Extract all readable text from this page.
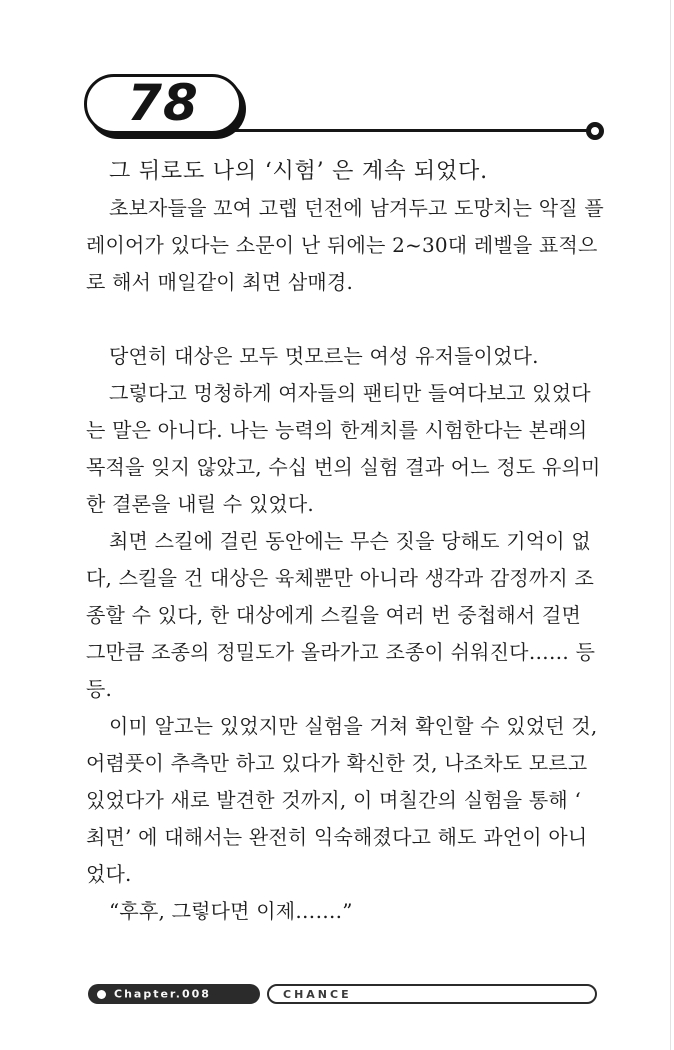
78
그 뒤로도 나의 ‘시험’ 은 계속 되었다.
초보자들을 꼬여 고렙 던전에 남겨두고 도망치는 악질 플
레이어가 있다는 소문이 난 뒤에는 2~30대 레벨을 표적으
로 해서 매일같이 최면 삼매경.
당연히 대상은 모두 멋모르는 여성 유저들이었다.
그렇다고 멍청하게 여자들의 팬티만 들여다보고 있었다
는 말은 아니다. 나는 능력의 한계치를 시험한다는 본래의
목적을 잊지 않았고, 수십 번의 실험 결과 어느 정도 유의미
한 결론을 내릴 수 있었다.
최면 스킬에 걸린 동안에는 무슨 짓을 당해도 기억이 없
다, 스킬을 건 대상은 육체뿐만 아니라 생각과 감정까지 조
종할 수 있다, 한 대상에게 스킬을 여러 번 중첩해서 걸면
그만큼 조종의 정밀도가 올라가고 조종이 쉬워진다…… 등
등.
이미 알고는 있었지만 실험을 거쳐 확인할 수 있었던 것,
어렴풋이 추측만 하고 있다가 확신한 것, 나조차도 모르고
있었다가 새로 발견한 것까지, 이 며칠간의 실험을 통해 ‘
최면’ 에 대해서는 완전히 익숙해졌다고 해도 과언이 아니
었다.
“후후, 그렇다면 이제…….”
Chapter.008	CHANCE
